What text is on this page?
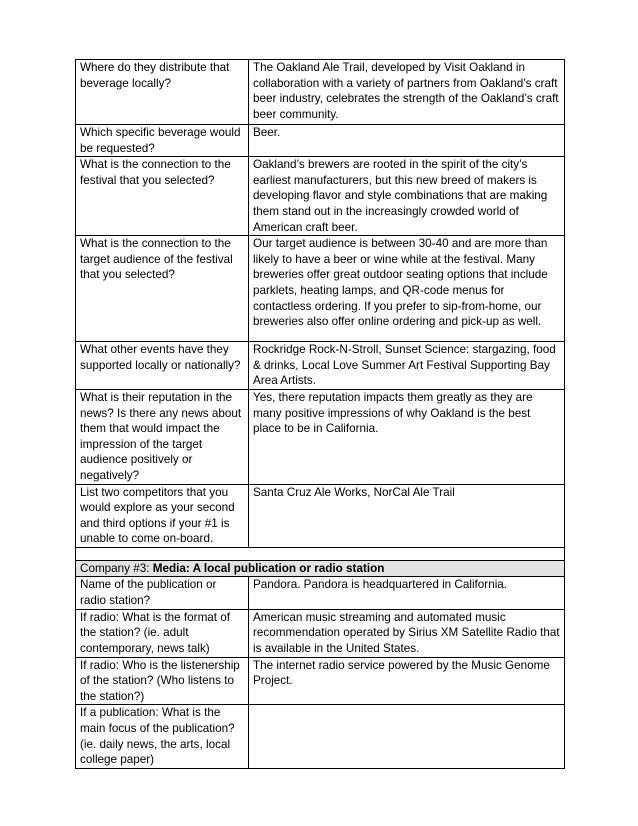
Where do they distribute that beverage locally?	The Oakland Ale Trail, developed by Visit Oakland in collaboration with a variety of partners from Oakland’s craft beer industry, celebrates the strength of the Oakland’s craft beer community.
Which specific beverage would be requested?	Beer.
What is the connection to the festival that you selected?	Oakland’s brewers are rooted in the spirit of the city’s earliest manufacturers, but this new breed of makers is developing flavor and style combinations that are making them stand out in the increasingly crowded world of American craft beer.
What is the connection to the target audience of the festival that you selected?	Our target audience is between 30-40 and are more than likely to have a beer or wine while at the festival. Many breweries offer great outdoor seating options that include parklets, heating lamps, and QR-code menus for contactless ordering. If you prefer to sip-from-home, our breweries also offer online ordering and pick-up as well.
What other events have they supported locally or nationally?	Rockridge Rock-N-Stroll, Sunset Science: stargazing, food & drinks, Local Love Summer Art Festival Supporting Bay Area Artists.
What is their reputation in the news? Is there any news about them that would impact the impression of the target audience positively or negatively?	Yes, there reputation impacts them greatly as they are many positive impressions of why Oakland is the best place to be in California.
List two competitors that you would explore as your second and third options if your #1 is unable to come on-board.	Santa Cruz Ale Works, NorCal Ale Trail

Company #3: Media: A local publication or radio station	
Name of the publication or radio station?	Pandora. Pandora is headquartered in California.
If radio: What is the format of the station? (ie. adult contemporary, news talk)	American music streaming and automated music recommendation operated by Sirius XM Satellite Radio that is available in the United States.
If radio: Who is the listenership of the station? (Who listens to the station?)	The internet radio service powered by the Music Genome Project.
If a publication: What is the main focus of the publication? (ie. daily news, the arts, local college paper)	
